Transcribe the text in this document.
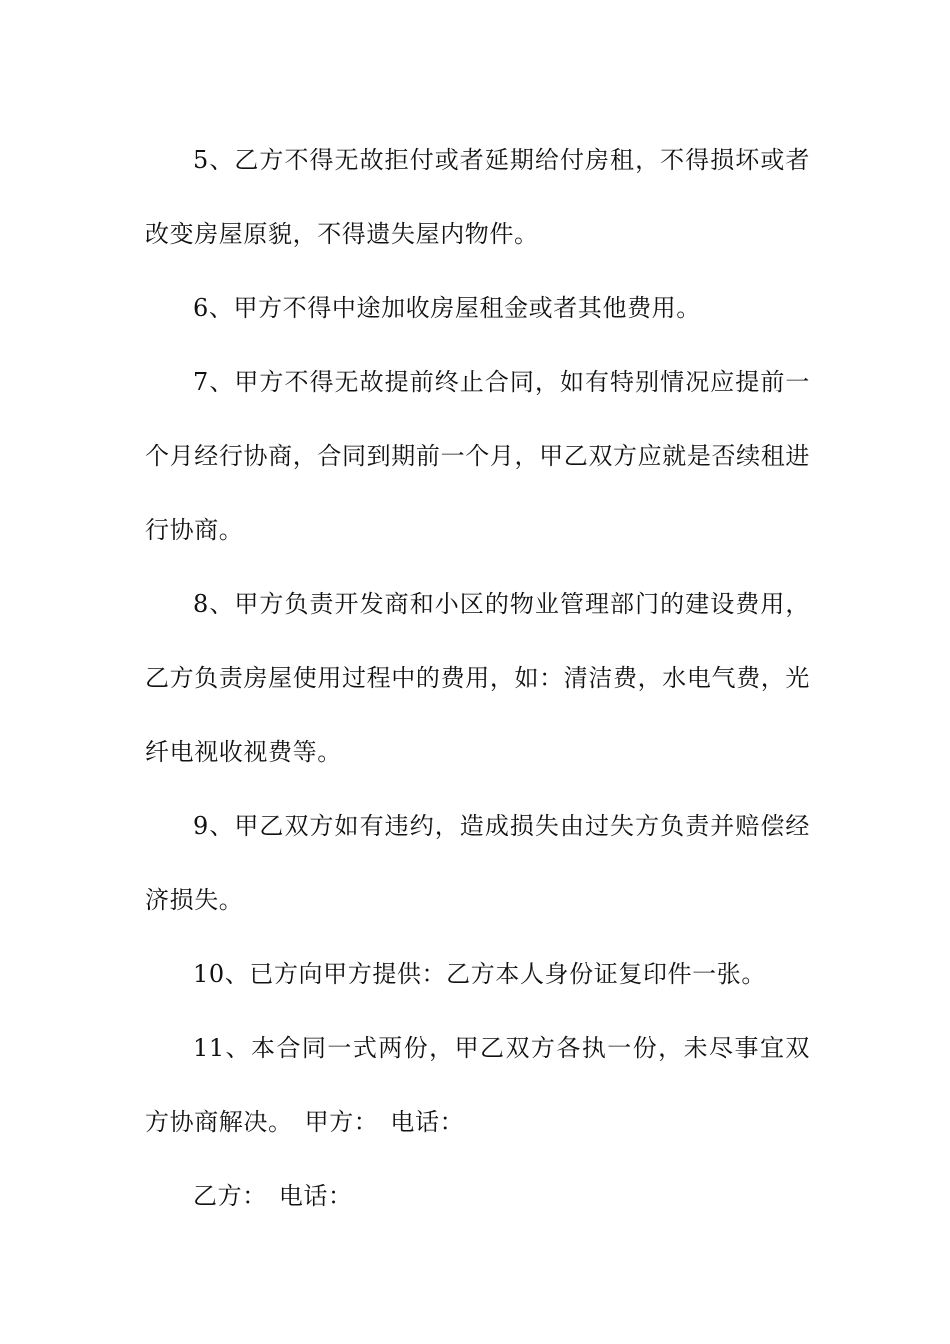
5、乙方不得无故拒付或者延期给付房租，不得损坏或者改变房屋原貌，不得遗失屋内物件。

6、甲方不得中途加收房屋租金或者其他费用。

7、甲方不得无故提前终止合同，如有特别情况应提前一个月经行协商，合同到期前一个月，甲乙双方应就是否续租进行协商。

8、甲方负责开发商和小区的物业管理部门的建设费用，乙方负责房屋使用过程中的费用，如：清洁费，水电气费，光纤电视收视费等。

9、甲乙双方如有违约，造成损失由过失方负责并赔偿经济损失。

10、已方向甲方提供：乙方本人身份证复印件一张。

11、本合同一式两份，甲乙双方各执一份，未尽事宜双方协商解决。 甲方： 电话：

乙方： 电话：
